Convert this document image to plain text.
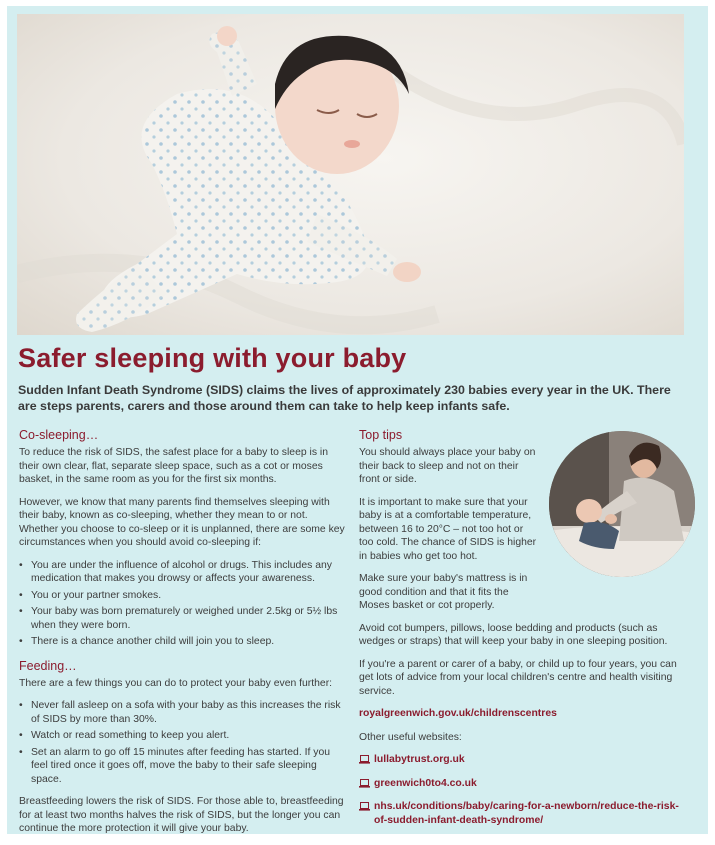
Safer sleeping with your baby
Sudden Infant Death Syndrome (SIDS) claims the lives of approximately 230 babies every year in the UK. There are steps parents, carers and those around them can take to help keep infants safe.
Co-sleeping…
To reduce the risk of SIDS, the safest place for a baby to sleep is in their own clear, flat, separate sleep space, such as a cot or moses basket, in the same room as you for the first six months.
However, we know that many parents find themselves sleeping with their baby, known as co-sleeping, whether they mean to or not. Whether you choose to co-sleep or it is unplanned, there are some key circumstances when you should avoid co-sleeping if:
• You are under the influence of alcohol or drugs. This includes any medication that makes you drowsy or affects your awareness.
• You or your partner smokes.
• Your baby was born prematurely or weighed under 2.5kg or 5½ lbs when they were born.
• There is a chance another child will join you to sleep.
Feeding…
There are a few things you can do to protect your baby even further:
• Never fall asleep on a sofa with your baby as this increases the risk of SIDS by more than 30%.
• Watch or read something to keep you alert.
• Set an alarm to go off 15 minutes after feeding has started. If you feel tired once it goes off, move the baby to their safe sleeping space.
Breastfeeding lowers the risk of SIDS. For those able to, breastfeeding for at least two months halves the risk of SIDS, but the longer you can continue the more protection it will give your baby.
Top tips
You should always place your baby on their back to sleep and not on their front or side.
It is important to make sure that your baby is at a comfortable temperature, between 16 to 20°C – not too hot or too cold. The chance of SIDS is higher in babies who get too hot.
Make sure your baby's mattress is in good condition and that it fits the Moses basket or cot properly.
Avoid cot bumpers, pillows, loose bedding and products (such as wedges or straps) that will keep your baby in one sleeping position.
If you're a parent or carer of a baby, or child up to four years, you can get lots of advice from your local children's centre and health visiting service.
royalgreenwich.gov.uk/childrenscentres
Other useful websites:
lullabytrust.org.uk
greenwich0to4.co.uk
nhs.uk/conditions/baby/caring-for-a-newborn/reduce-the-risk-of-sudden-infant-death-syndrome/
